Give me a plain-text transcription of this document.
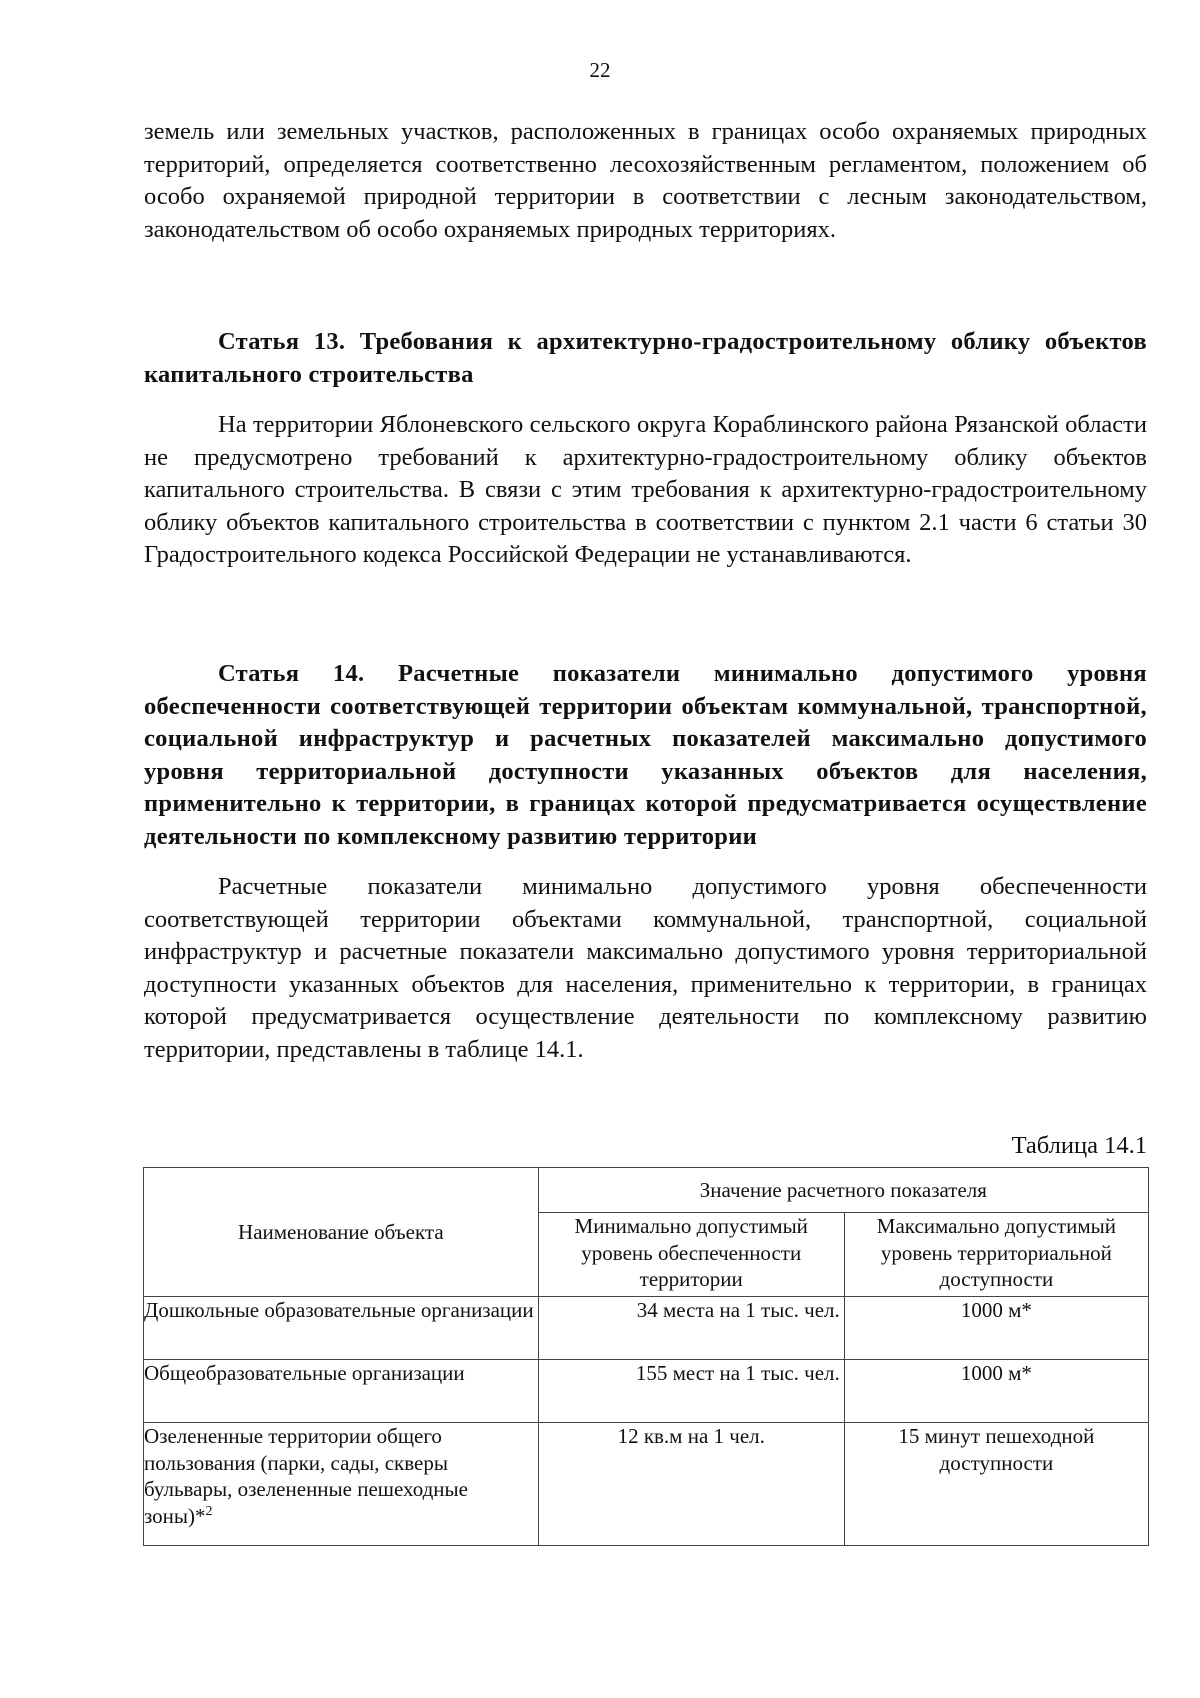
22

земель или земельных участков, расположенных в границах особо охраняемых природных территорий, определяется соответственно лесохозяйственным регламентом, положением об особо охраняемой природной территории в соответствии с лесным законодательством, законодательством об особо охраняемых природных территориях.

Статья 13. Требования к архитектурно-градостроительному облику объектов капитального строительства

На территории Яблоневского сельского округа Кораблинского района Рязанской области не предусмотрено требований к архитектурно-градостроительному облику объектов капитального строительства. В связи с этим требования к архитектурно-градостроительному облику объектов капитального строительства в соответствии с пунктом 2.1 части 6 статьи 30 Градостроительного кодекса Российской Федерации не устанавливаются.

Статья 14. Расчетные показатели минимально допустимого уровня обеспеченности соответствующей территории объектам коммунальной, транспортной, социальной инфраструктур и расчетных показателей максимально допустимого уровня территориальной доступности указанных объектов для населения, применительно к территории, в границах которой предусматривается осуществление деятельности по комплексному развитию территории

Расчетные показатели минимально допустимого уровня обеспеченности соответствующей территории объектами коммунальной, транспортной, социальной инфраструктур и расчетные показатели максимально допустимого уровня территориальной доступности указанных объектов для населения, применительно к территории, в границах которой предусматривается осуществление деятельности по комплексному развитию территории, представлены в таблице 14.1.

Таблица 14.1
Наименование объекта	Значение расчетного показателя	
	Минимально допустимый уровень обеспеченности территории	Максимально допустимый уровень территориальной доступности
Дошкольные образовательные организации	34 места на 1 тыс. чел.	1000 м*
Общеобразовательные организации	155 мест на 1 тыс. чел.	1000 м*
Озелененные территории общего пользования (парки, сады, скверы бульвары, озелененные пешеходные зоны)*$^2$	12 кв.м на 1 чел.	15 минут пешеходной доступности
